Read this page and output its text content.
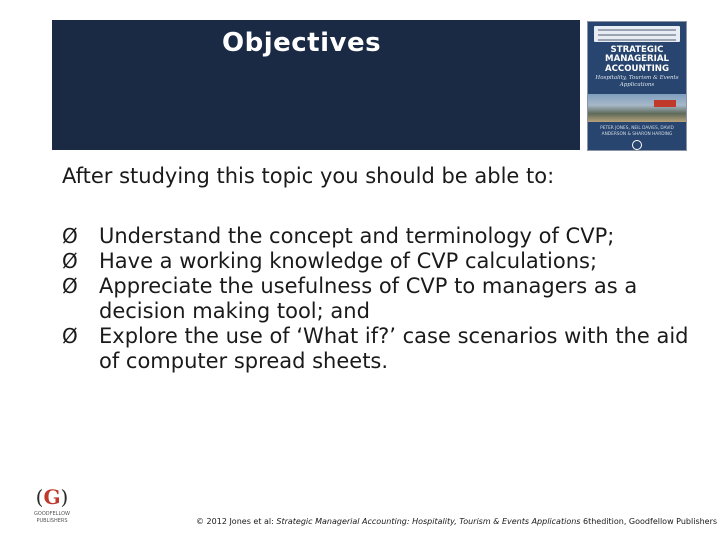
Objectives	STRATEGIC
MANAGERIAL
ACCOUNTING
Hospitality, Tourism & Events Applications
PETER JONES, NEIL DAVIES, DAVID ANDERSON & SHARON HARDING
After studying this topic you should be able to:
Ø Understand the concept and terminology of CVP;
Ø Have a working knowledge of CVP calculations;
Ø Appreciate the usefulness of CVP to managers as a decision making tool; and
Ø Explore the use of ‘What if?’ case scenarios with the aid of computer spread sheets.
(G)
GOODFELLOW
PUBLISHERS	© 2012 Jones et al: Strategic Managerial Accounting: Hospitality, Tourism & Events Applications 6thedition, Goodfellow Publishers
